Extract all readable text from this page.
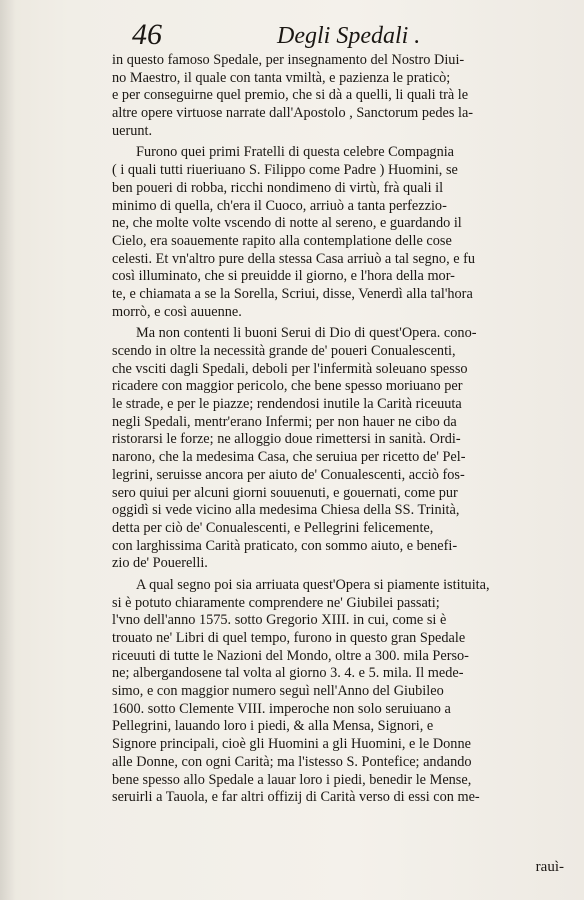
46	Degli Spedali .
in questo famoso Spedale, per insegnamento del Nostro Diui-
no Maestro, il quale con tanta vmiltà, e pazienza le praticò;
e per conseguirne quel premio, che si dà a quelli, li quali trà le
altre opere virtuose narrate dall'Apostolo , Sanctorum pedes la-
uerunt.
Furono quei primi Fratelli di questa celebre Compagnia
( i quali tutti riueriuano S. Filippo come Padre ) Huomini, se
ben poueri di robba, ricchi nondimeno di virtù, frà quali il
minimo di quella, ch'era il Cuoco, arriuò a tanta perfezzio-
ne, che molte volte vscendo di notte al sereno, e guardando il
Cielo, era soauemente rapito alla contemplatione delle cose
celesti. Et vn'altro pure della stessa Casa arriuò a tal segno, e fu
così illuminato, che si preuidde il giorno, e l'hora della mor-
te, e chiamata a se la Sorella, Scriui, disse, Venerdì alla tal'hora
morrò, e così auuenne.
Ma non contenti li buoni Serui di Dio di quest'Opera. cono-
scendo in oltre la necessità grande de' poueri Conualescenti,
che vsciti dagli Spedali, deboli per l'infermità soleuano spesso
ricadere con maggior pericolo, che bene spesso moriuano per
le strade, e per le piazze; rendendosi inutile la Carità riceuuta
negli Spedali, mentr'erano Infermi; per non hauer ne cibo da
ristorarsi le forze; ne alloggio doue rimettersi in sanità. Ordi-
narono, che la medesima Casa, che seruiua per ricetto de' Pel-
legrini, seruisse ancora per aiuto de' Conualescenti, acciò fos-
sero quiui per alcuni giorni souuenuti, e gouernati, come pur
oggidì si vede vicino alla medesima Chiesa della SS. Trinità,
detta per ciò de' Conualescenti, e Pellegrini felicemente,
con larghissima Carità praticato, con sommo aiuto, e benefi-
zio de' Pouerelli.
A qual segno poi sia arriuata quest'Opera si piamente istituita,
si è potuto chiaramente comprendere ne' Giubilei passati;
l'vno dell'anno 1575. sotto Gregorio XIII. in cui, come si è
trouato ne' Libri di quel tempo, furono in questo gran Spedale
riceuuti di tutte le Nazioni del Mondo, oltre a 300. mila Perso-
ne; albergandosene tal volta al giorno 3. 4. e 5. mila. Il mede-
simo, e con maggior numero seguì nell'Anno del Giubileo
1600. sotto Clemente VIII. imperoche non solo seruiuano a
Pellegrini, lauando loro i piedi, & alla Mensa, Signori, e
Signore principali, cioè gli Huomini a gli Huomini, e le Donne
alle Donne, con ogni Carità; ma l'istesso S. Pontefice; andando
bene spesso allo Spedale a lauar loro i piedi, benedir le Mense,
seruirli a Tauola, e far altri offizij di Carità verso di essi con me-
rauì-
